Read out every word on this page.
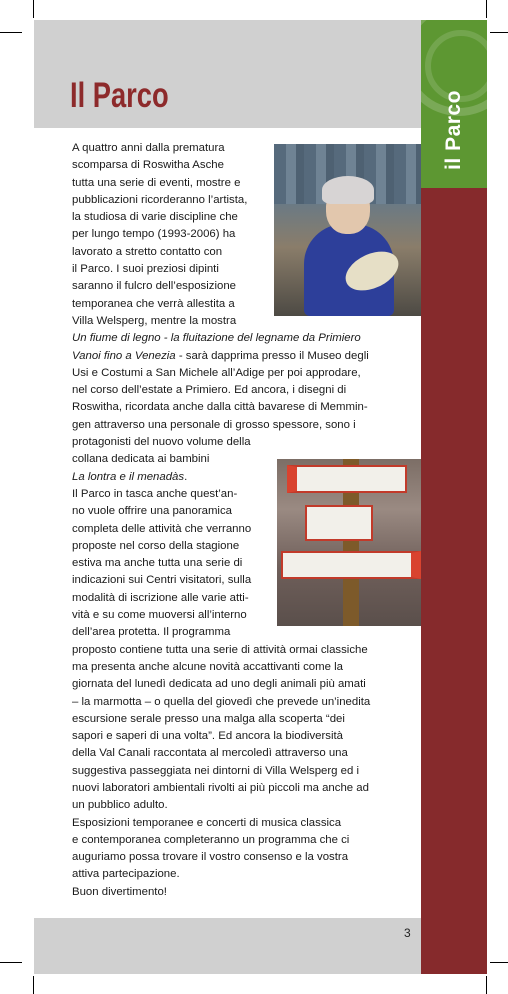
il Parco
Il Parco
A quattro anni dalla prematura
scomparsa di Roswitha Asche
tutta una serie di eventi, mostre e
pubblicazioni ricorderanno l’artista,
la studiosa di varie discipline che
per lungo tempo (1993-2006) ha
lavorato a stretto contatto con
il Parco. I suoi preziosi dipinti
saranno il fulcro dell’esposizione
temporanea che verrà allestita a
Villa Welsperg, mentre la mostra
Un fiume di legno - la fluitazione del legname da Primiero
Vanoi fino a Venezia - sarà dapprima presso il Museo degli
Usi e Costumi a San Michele all’Adige per poi approdare,
nel corso dell’estate a Primiero. Ed ancora, i disegni di
Roswitha, ricordata anche dalla città bavarese di Memmin-
gen attraverso una personale di grosso spessore, sono i
protagonisti del nuovo volume della
collana dedicata ai bambini
La lontra e il menadàs.
Il Parco in tasca anche quest’an-
no vuole offrire una panoramica
completa delle attività che verranno
proposte nel corso della stagione
estiva ma anche tutta una serie di
indicazioni sui Centri visitatori, sulla
modalità di iscrizione alle varie atti-
vità e su come muoversi all’interno
dell’area protetta. Il programma
proposto contiene tutta una serie di attività ormai classiche
ma presenta anche alcune novità accattivanti come la
giornata del lunedì dedicata ad uno degli animali più amati
– la marmotta – o quella del giovedì che prevede un’inedita
escursione serale presso una malga alla scoperta “dei
sapori e saperi di una volta”. Ed ancora la biodiversità
della Val Canali raccontata al mercoledì attraverso una
suggestiva passeggiata nei dintorni di Villa Welsperg ed i
nuovi laboratori ambientali rivolti ai più piccoli ma anche ad
un pubblico adulto.
Esposizioni temporanee e concerti di musica classica
e contemporanea completeranno un programma che ci
auguriamo possa trovare il vostro consenso e la vostra
attiva partecipazione.
Buon divertimento!
3
